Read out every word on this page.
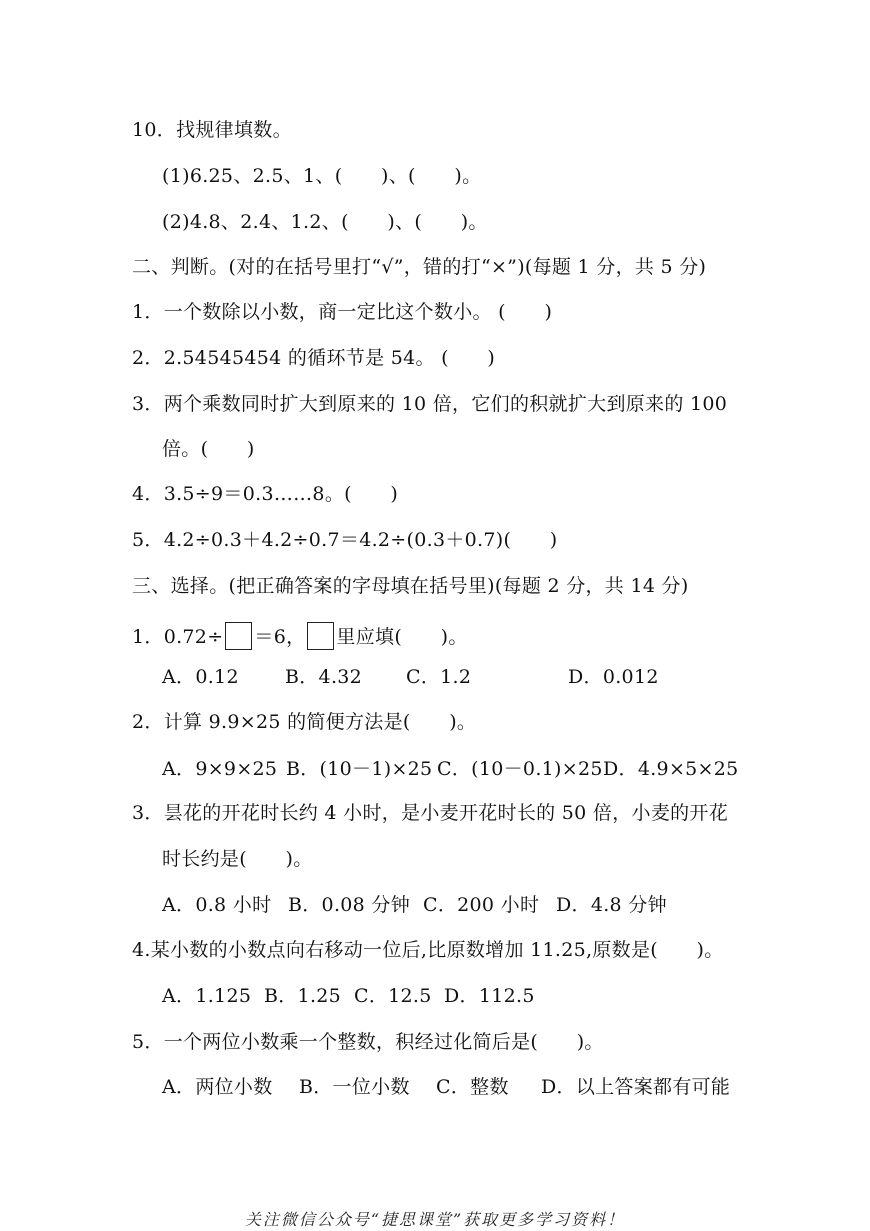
10．找规律填数。
(1)6.25、2.5、1、(　　)、(　　)。
(2)4.8、2.4、1.2、(　　)、(　　)。
二、判断。(对的在括号里打“√”，错的打“×”)(每题 1 分，共 5 分)
1．一个数除以小数，商一定比这个数小。 (　　)
2．2.54545454 的循环节是 54。 (　　)
3．两个乘数同时扩大到原来的 10 倍，它们的积就扩大到原来的 100
倍。(　　)
4．3.5÷9＝0.3……8。(　　)
5．4.2÷0.3＋4.2÷0.7＝4.2÷(0.3＋0.7)(　　)
三、选择。(把正确答案的字母填在括号里)(每题 2 分，共 14 分)
1．0.72÷ ＝6， 里应填(　　)。
A．0.12 B．4.32 C．1.2	D．0.012
2．计算 9.9×25 的简便方法是(　　)。
A．9×9×25 B．(10－1)×25 C．(10－0.1)×25D．4.9×5×25
3．昙花的开花时长约 4 小时，是小麦开花时长的 50 倍，小麦的开花
时长约是(　　)。
A．0.8 小时 B．0.08 分钟 C．200 小时 D．4.8 分钟
4.某小数的小数点向右移动一位后,比原数增加 11.25,原数是(　　)。
A．1.125 B．1.25 C．12.5 D．112.5
5．一个两位小数乘一个整数，积经过化简后是(　　)。
A．两位小数 B．一位小数 C．整数 D．以上答案都有可能
关注微信公众号“捷思课堂”获取更多学习资料！
